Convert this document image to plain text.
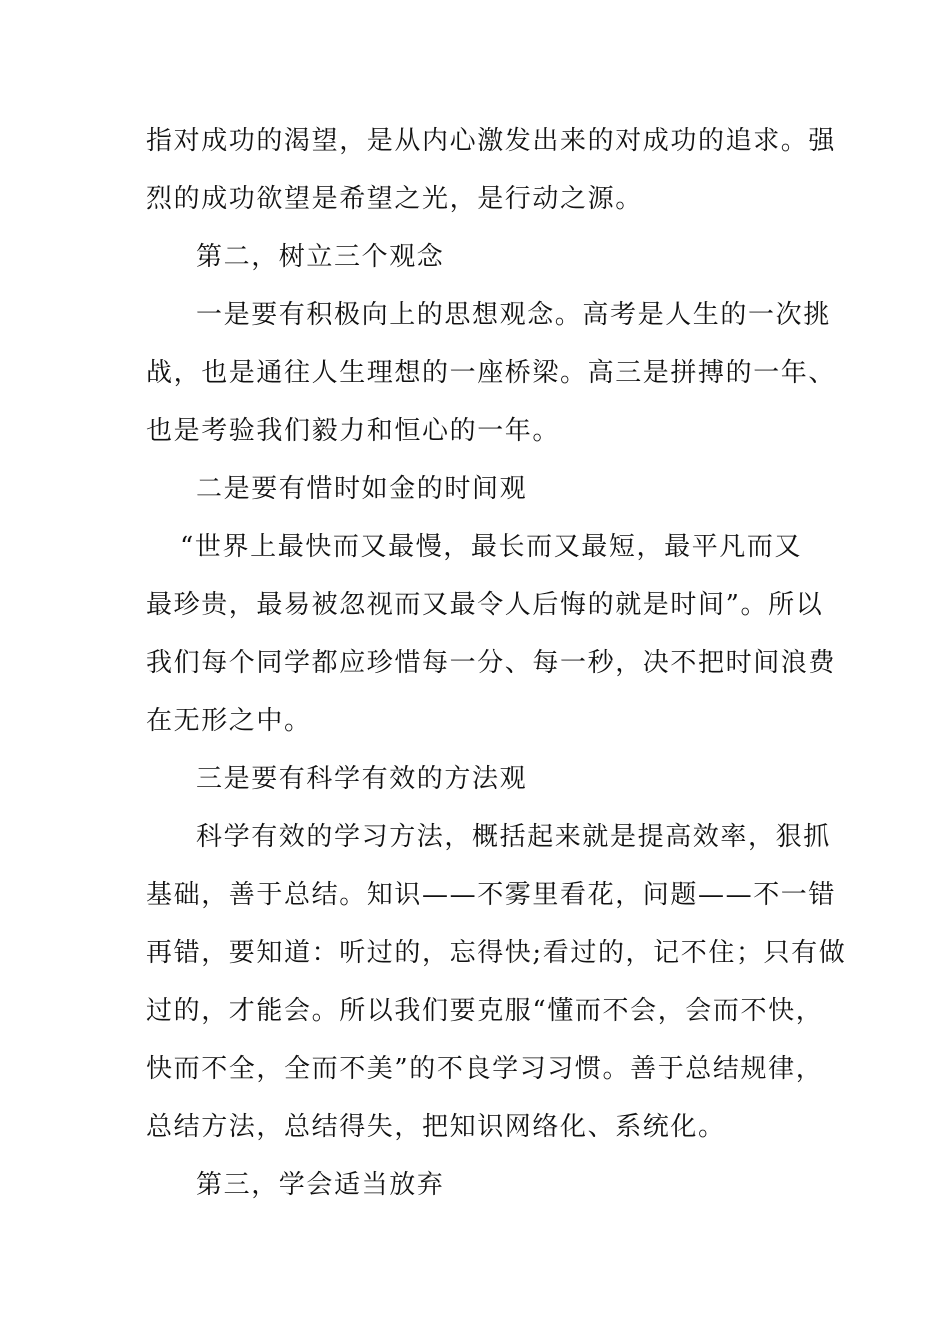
指对成功的渴望，是从内心激发出来的对成功的追求。强
烈的成功欲望是希望之光，是行动之源。
第二，树立三个观念
一是要有积极向上的思想观念。高考是人生的一次挑
战，也是通往人生理想的一座桥梁。高三是拼搏的一年、
也是考验我们毅力和恒心的一年。
二是要有惜时如金的时间观
“世界上最快而又最慢，最长而又最短，最平凡而又
最珍贵，最易被忽视而又最令人后悔的就是时间”。所以
我们每个同学都应珍惜每一分、每一秒，决不把时间浪费
在无形之中。
三是要有科学有效的方法观
科学有效的学习方法，概括起来就是提高效率，狠抓
基础，善于总结。知识——不雾里看花，问题——不一错
再错，要知道：听过的，忘得快;看过的，记不住；只有做
过的，才能会。所以我们要克服“懂而不会，会而不快，
快而不全，全而不美”的不良学习习惯。善于总结规律，
总结方法，总结得失，把知识网络化、系统化。
第三，学会适当放弃
